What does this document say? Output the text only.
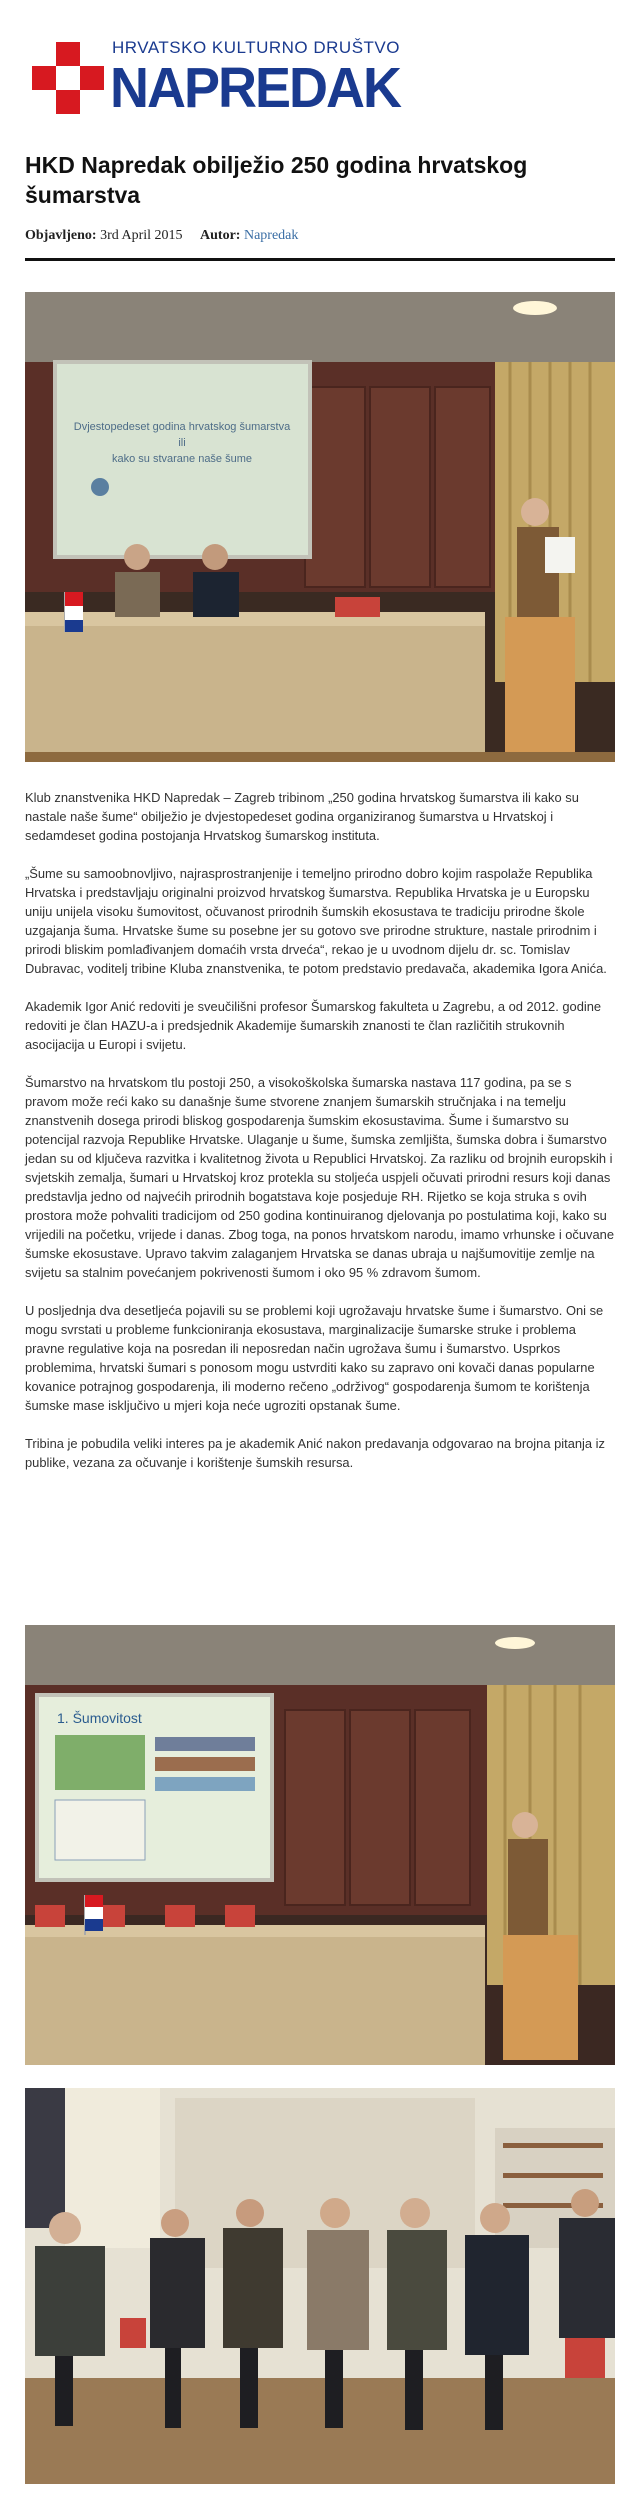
HRVATSKO KULTURNO DRUŠTVO
NAPREDAK
HKD Napredak obilježio 250 godina hrvatskog šumarstva
Objavljeno: 3rd April 2015 Autor: Napredak
Dvjestopedeset godina hrvatskog šumarstva
ili
kako su stvarane naše šume

Klub znanstvenika HKD Napredak – Zagreb tribinom „250 godina hrvatskog šumarstva ili kako su nastale naše šume“ obilježio je dvjestopedeset godina organiziranog šumarstva u Hrvatskoj i sedamdeset godina postojanja Hrvatskog šumarskog instituta.

„Šume su samoobnovljivo, najrasprostranjenije i temeljno prirodno dobro kojim raspolaže Republika Hrvatska i predstavljaju originalni proizvod hrvatskog šumarstva. Republika Hrvatska je u Europsku uniju unijela visoku šumovitost, očuvanost prirodnih šumskih ekosustava te tradiciju prirodne škole uzgajanja šuma. Hrvatske šume su posebne jer su gotovo sve prirodne strukture, nastale prirodnim i prirodi bliskim pomlađivanjem domaćih vrsta drveća“, rekao je u uvodnom dijelu dr. sc. Tomislav Dubravac, voditelj tribine Kluba znanstvenika, te potom predstavio predavača, akademika Igora Anića.

Akademik Igor Anić redoviti je sveučilišni profesor Šumarskog fakulteta u Zagrebu, a od 2012. godine redoviti je član HAZU-a i predsjednik Akademije šumarskih znanosti te član različitih strukovnih asocijacija u Europi i svijetu.

Šumarstvo na hrvatskom tlu postoji 250, a visokoškolska šumarska nastava 117 godina, pa se s pravom može reći kako su današnje šume stvorene znanjem šumarskih stručnjaka i na temelju znanstvenih dosega prirodi bliskog gospodarenja šumskim ekosustavima. Šume i šumarstvo su potencijal razvoja Republike Hrvatske. Ulaganje u šume, šumska zemljišta, šumska dobra i šumarstvo jedan su od ključeva razvitka i kvalitetnog života u Republici Hrvatskoj. Za razliku od brojnih europskih i svjetskih zemalja, šumari u Hrvatskoj kroz protekla su stoljeća uspjeli očuvati prirodni resurs koji danas predstavlja jedno od najvećih prirodnih bogatstava koje posjeduje RH. Rijetko se koja struka s ovih prostora može pohvaliti tradicijom od 250 godina kontinuiranog djelovanja po postulatima koji, kako su vrijedili na početku, vrijede i danas. Zbog toga, na ponos hrvatskom narodu, imamo vrhunske i očuvane šumske ekosustave. Upravo takvim zalaganjem Hrvatska se danas ubraja u najšumovitije zemlje na svijetu sa stalnim povećanjem pokrivenosti šumom i oko 95 % zdravom šumom.

U posljednja dva desetljeća pojavili su se problemi koji ugrožavaju hrvatske šume i šumarstvo. Oni se mogu svrstati u probleme funkcioniranja ekosustava, marginalizacije šumarske struke i problema pravne regulative koja na posredan ili neposredan način ugrožava šumu i šumarstvo. Usprkos problemima, hrvatski šumari s ponosom mogu ustvrditi kako su zapravo oni kovači danas popularne kovanice potrajnog gospodarenja, ili moderno rečeno „održivog“ gospodarenja šumom te korištenja šumske mase isključivo u mjeri koja neće ugroziti opstanak šume.

Tribina je pobudila veliki interes pa je akademik Anić nakon predavanja odgovarao na brojna pitanja iz publike, vezana za očuvanje i korištenje šumskih resursa.

1. Šumovitost
